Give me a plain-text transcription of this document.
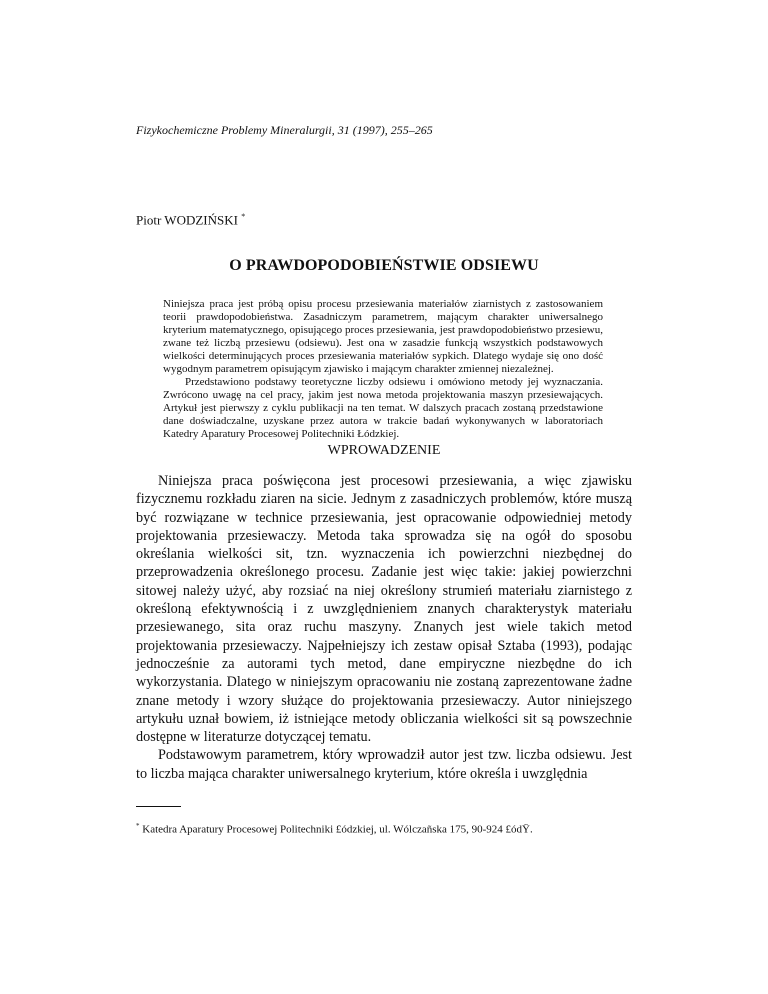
Fizykochemiczne Problemy Mineralurgii, 31 (1997), 255–265
Piotr WODZIŃSKI *
O PRAWDOPODOBIEŃSTWIE ODSIEWU

Niniejsza praca jest próbą opisu procesu przesiewania materiałów ziarnistych z zastosowaniem teorii prawdopodobieństwa. Zasadniczym parametrem, mającym charakter uniwersalnego kryterium matematycznego, opisującego proces przesiewania, jest prawdopodobieństwo przesiewu, zwane też liczbą przesiewu (odsiewu). Jest ona w zasadzie funkcją wszystkich podstawowych wielkości determinujących proces przesiewania materiałów sypkich. Dlatego wydaje się ono dość wygodnym parametrem opisującym zjawisko i mającym charakter zmiennej niezależnej.

Przedstawiono podstawy teoretyczne liczby odsiewu i omówiono metody jej wyznaczania. Zwrócono uwagę na cel pracy, jakim jest nowa metoda projektowania maszyn przesiewających. Artykuł jest pierwszy z cyklu publikacji na ten temat. W dalszych pracach zostaną przedstawione dane doświadczalne, uzyskane przez autora w trakcie badań wykonywanych w laboratoriach Katedry Aparatury Procesowej Politechniki Łódzkiej.

WPROWADZENIE

Niniejsza praca poświęcona jest procesowi przesiewania, a więc zjawisku fizycznemu rozkładu ziaren na sicie. Jednym z zasadniczych problemów, które muszą być rozwiązane w technice przesiewania, jest opracowanie odpowiedniej metody projektowania przesiewaczy. Metoda taka sprowadza się na ogół do sposobu określania wielkości sit, tzn. wyznaczenia ich powierzchni niezbędnej do przeprowadzenia określonego procesu. Zadanie jest więc takie: jakiej powierzchni sitowej należy użyć, aby rozsiać na niej określony strumień materiału ziarnistego z określoną efektywnością i z uwzględnieniem znanych charakterystyk materiału przesiewanego, sita oraz ruchu maszyny. Znanych jest wiele takich metod projektowania przesiewaczy. Najpełniejszy ich zestaw opisał Sztaba (1993), podając jednocześnie za autorami tych metod, dane empiryczne niezbędne do ich wykorzystania. Dlatego w niniejszym opracowaniu nie zostaną zaprezentowane żadne znane metody i wzory służące do projektowania przesiewaczy. Autor niniejszego artykułu uznał bowiem, iż istniejące metody obliczania wielkości sit są powszechnie dostępne w literaturze dotyczącej tematu.

Podstawowym parametrem, który wprowadził autor jest tzw. liczba odsiewu. Jest to liczba mająca charakter uniwersalnego kryterium, które określa i uwzględnia

* Katedra Aparatury Procesowej Politechniki £ódzkiej, ul. Wólczañska 175, 90-924 £ódŸ.
